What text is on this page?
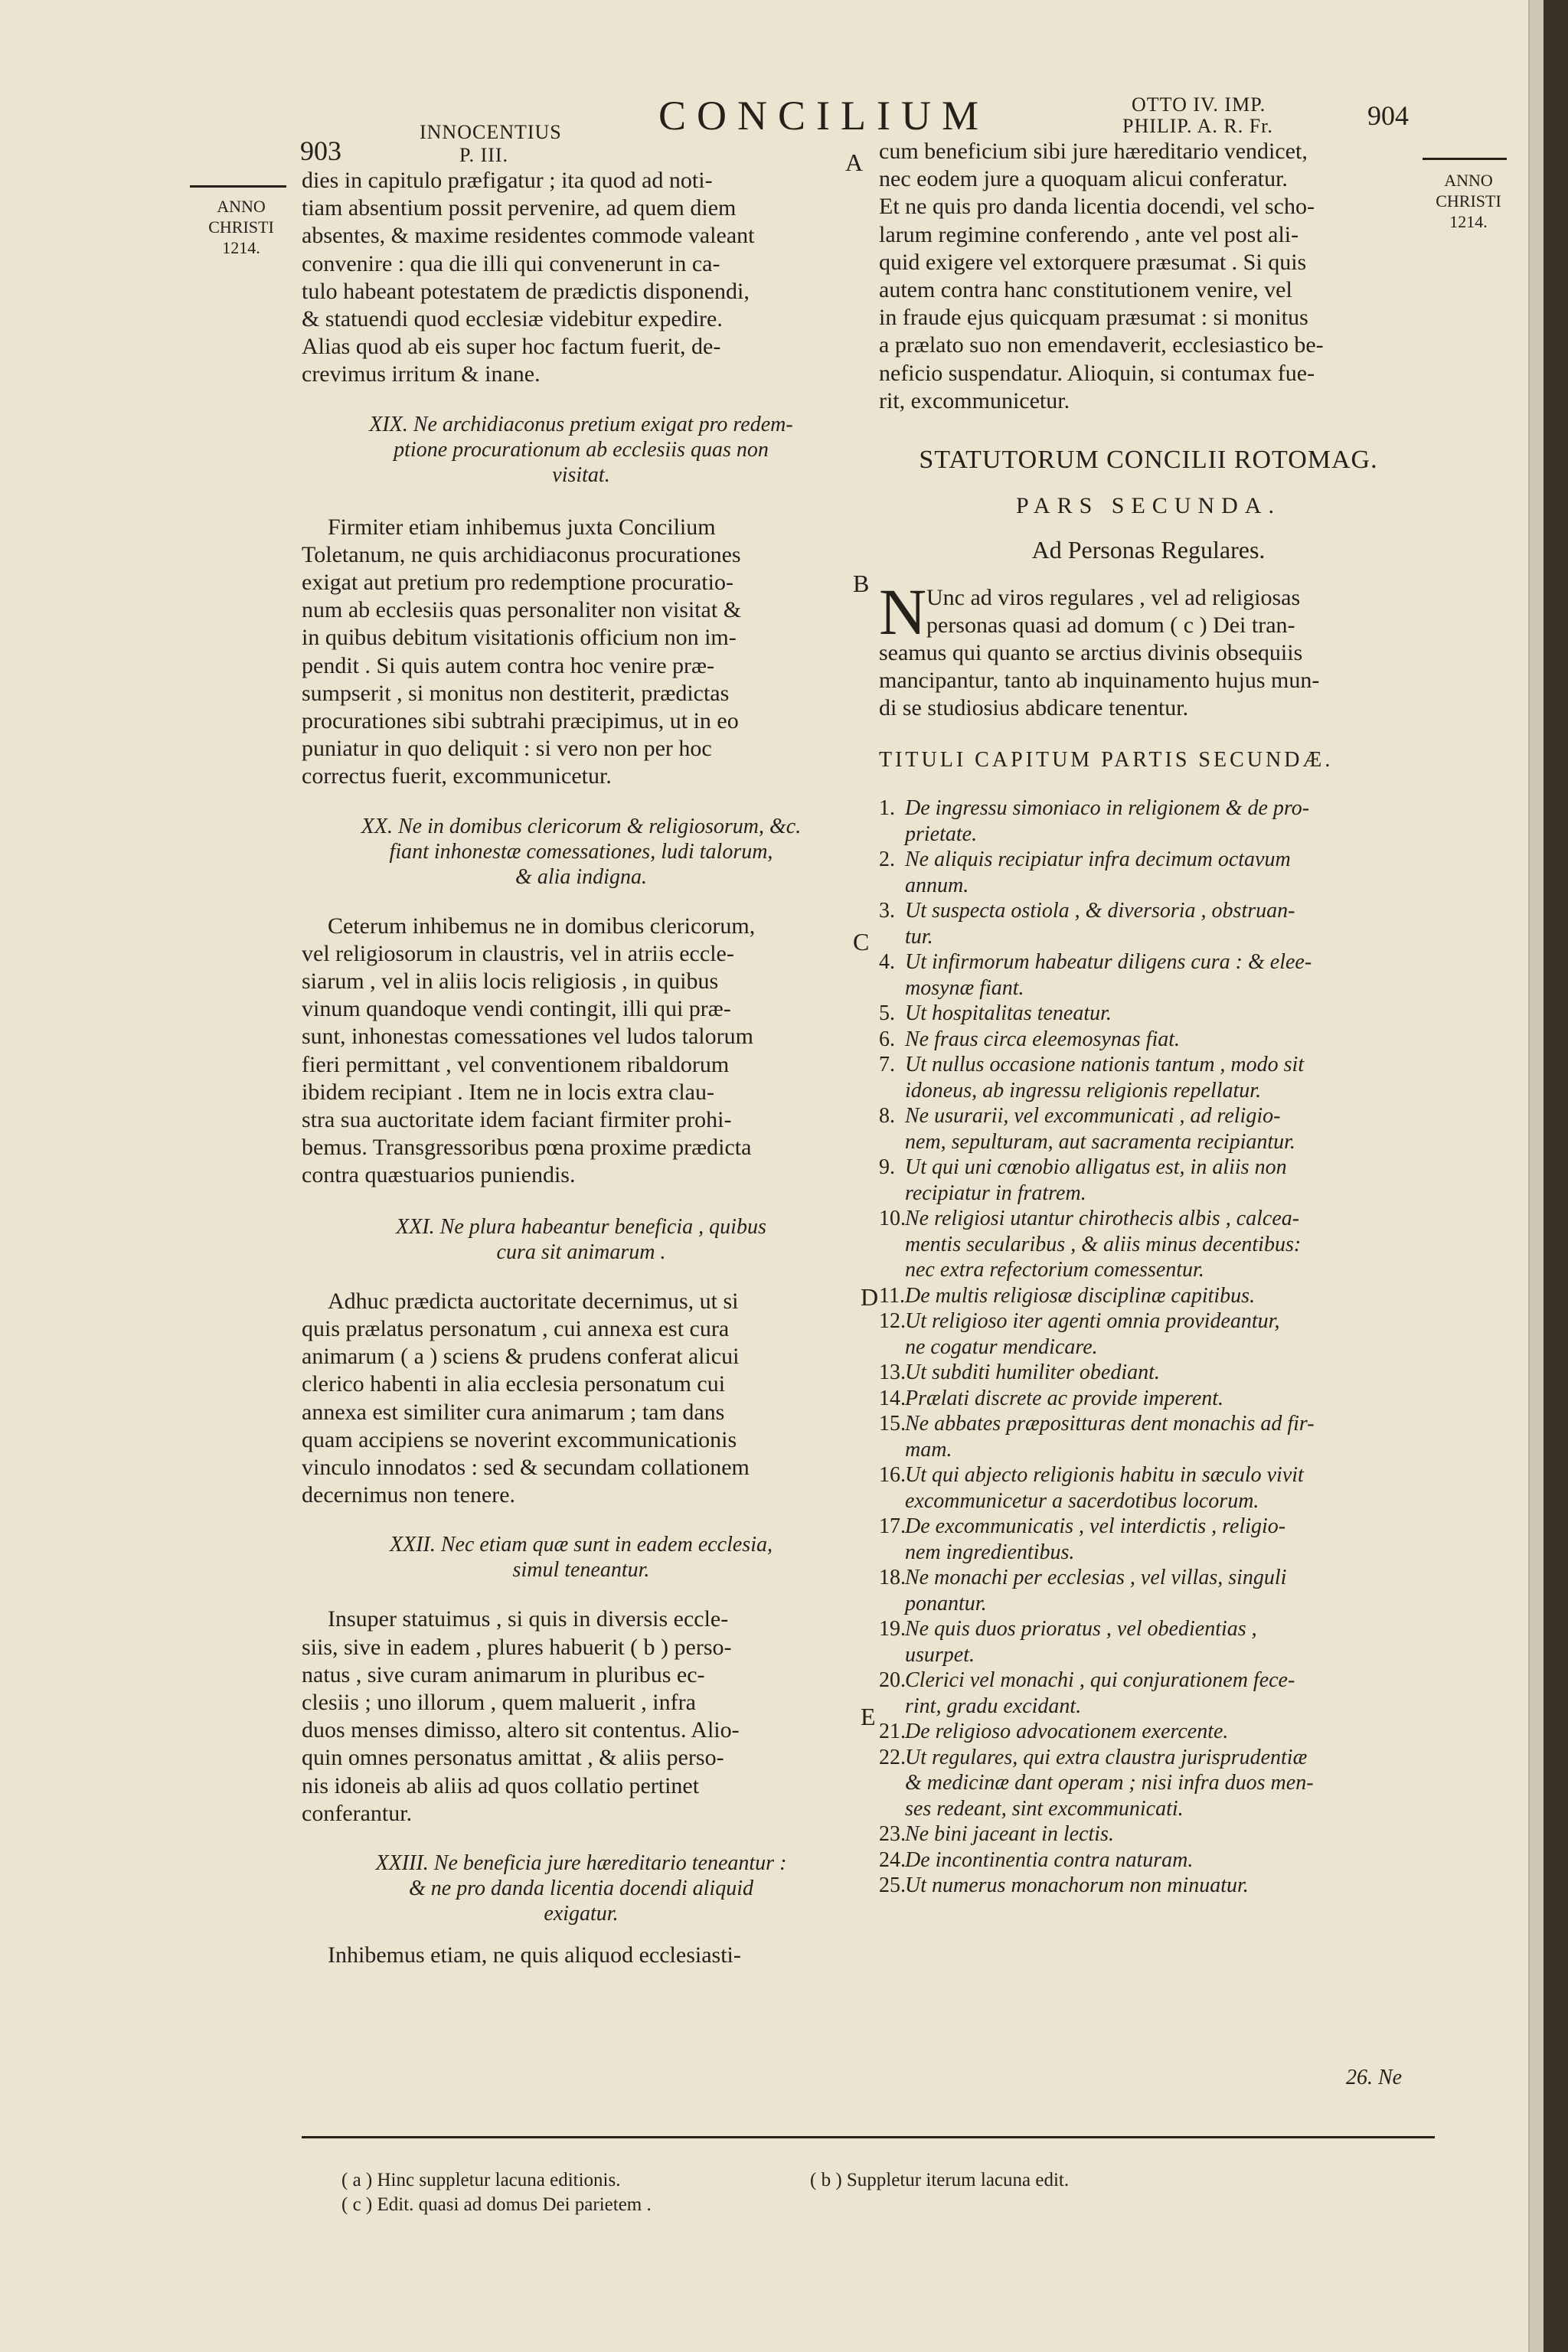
903
INNOCENTIUS
P. III.
CONCILIUM	OTTO IV. IMP.
PHILIP. A. R. Fr.	904
ANNO
CHRISTI
1214.
ANNO
CHRISTI
1214.
A
B
C
D
E

dies in capitulo præfigatur ; ita quod ad noti-
tiam absentium possit pervenire, ad quem diem
absentes, & maxime residentes commode valeant
convenire : qua die illi qui convenerunt in ca-
tulo habeant potestatem de prædictis disponendi,
& statuendi quod ecclesiæ videbitur expedire.
Alias quod ab eis super hoc factum fuerit, de-
crevimus irritum & inane.

XIX. Ne archidiaconus pretium exigat pro redem-
ptione procurationum ab ecclesiis quas non
visitat.

Firmiter etiam inhibemus juxta Concilium
Toletanum, ne quis archidiaconus procurationes
exigat aut pretium pro redemptione procuratio-
num ab ecclesiis quas personaliter non visitat &
in quibus debitum visitationis officium non im-
pendit . Si quis autem contra hoc venire præ-
sumpserit , si monitus non destiterit, prædictas
procurationes sibi subtrahi præcipimus, ut in eo
puniatur in quo deliquit : si vero non per hoc
correctus fuerit, excommunicetur.

XX. Ne in domibus clericorum & religiosorum, &c.
fiant inhonestæ comessationes, ludi talorum,
& alia indigna.

Ceterum inhibemus ne in domibus clericorum,
vel religiosorum in claustris, vel in atriis eccle-
siarum , vel in aliis locis religiosis , in quibus
vinum quandoque vendi contingit, illi qui præ-
sunt, inhonestas comessationes vel ludos talorum
fieri permittant , vel conventionem ribaldorum
ibidem recipiant . Item ne in locis extra clau-
stra sua auctoritate idem faciant firmiter prohi-
bemus. Transgressoribus pœna proxime prædicta
contra quæstuarios puniendis.

XXI. Ne plura habeantur beneficia , quibus
cura sit animarum .

Adhuc prædicta auctoritate decernimus, ut si
quis prælatus personatum , cui annexa est cura
animarum ( a ) sciens & prudens conferat alicui
clerico habenti in alia ecclesia personatum cui
annexa est similiter cura animarum ; tam dans
quam accipiens se noverint excommunicationis
vinculo innodatos : sed & secundam collationem
decernimus non tenere.

XXII. Nec etiam quæ sunt in eadem ecclesia,
simul teneantur.

Insuper statuimus , si quis in diversis eccle-
siis, sive in eadem , plures habuerit ( b ) perso-
natus , sive curam animarum in pluribus ec-
clesiis ; uno illorum , quem maluerit , infra
duos menses dimisso, altero sit contentus. Alio-
quin omnes personatus amittat , & aliis perso-
nis idoneis ab aliis ad quos collatio pertinet
conferantur.

XXIII. Ne beneficia jure hæreditario teneantur :
& ne pro danda licentia docendi aliquid
exigatur.

Inhibemus etiam, ne quis aliquod ecclesiasti-

cum beneficium sibi jure hæreditario vendicet,
nec eodem jure a quoquam alicui conferatur.
Et ne quis pro danda licentia docendi, vel scho-
larum regimine conferendo , ante vel post ali-
quid exigere vel extorquere præsumat . Si quis
autem contra hanc constitutionem venire, vel
in fraude ejus quicquam præsumat : si monitus
a prælato suo non emendaverit, ecclesiastico be-
neficio suspendatur. Alioquin, si contumax fue-
rit, excommunicetur.

STATUTORUM CONCILII ROTOMAG.

PARS SECUNDA.

Ad Personas Regulares.

N Unc ad viros regulares , vel ad religiosas
personas quasi ad domum ( c ) Dei tran-
seamus qui quanto se arctius divinis obsequiis
mancipantur, tanto ab inquinamento hujus mun-
di se studiosius abdicare tenentur.

TITULI CAPITUM PARTIS SECUNDÆ.

1. De ingressu simoniaco in religionem & de pro-
prietate.

2. Ne aliquis recipiatur infra decimum octavum
annum.

3. Ut suspecta ostiola , & diversoria , obstruan-
tur.

4. Ut infirmorum habeatur diligens cura : & elee-
mosynæ fiant.

5. Ut hospitalitas teneatur.

6. Ne fraus circa eleemosynas fiat.

7. Ut nullus occasione nationis tantum , modo sit
idoneus, ab ingressu religionis repellatur.

8. Ne usurarii, vel excommunicati , ad religio-
nem, sepulturam, aut sacramenta recipiantur.

9. Ut qui uni cœnobio alligatus est, in aliis non
recipiatur in fratrem.

10.Ne religiosi utantur chirothecis albis , calcea-
mentis secularibus , & aliis minus decentibus:
nec extra refectorium comessentur.

11.De multis religiosæ disciplinæ capitibus.

12.Ut religioso iter agenti omnia provideantur,
ne cogatur mendicare.

13.Ut subditi humiliter obediant.

14.Prælati discrete ac provide imperent.

15.Ne abbates præpositturas dent monachis ad fir-
mam.

16.Ut qui abjecto religionis habitu in sæculo vivit
excommunicetur a sacerdotibus locorum.

17.De excommunicatis , vel interdictis , religio-
nem ingredientibus.

18.Ne monachi per ecclesias , vel villas, singuli
ponantur.

19.Ne quis duos prioratus , vel obedientias ,
usurpet.

20.Clerici vel monachi , qui conjurationem fece-
rint, gradu excidant.

21.De religioso advocationem exercente.

22.Ut regulares, qui extra claustra jurisprudentiæ
& medicinæ dant operam ; nisi infra duos men-
ses redeant, sint excommunicati.

23.Ne bini jaceant in lectis.

24.De incontinentia contra naturam.

25.Ut numerus monachorum non minuatur.

26. Ne
( a ) Hinc suppletur lacuna editionis.	( b ) Suppletur iterum lacuna edit.
( c ) Edit. quasi ad domus Dei parietem .
